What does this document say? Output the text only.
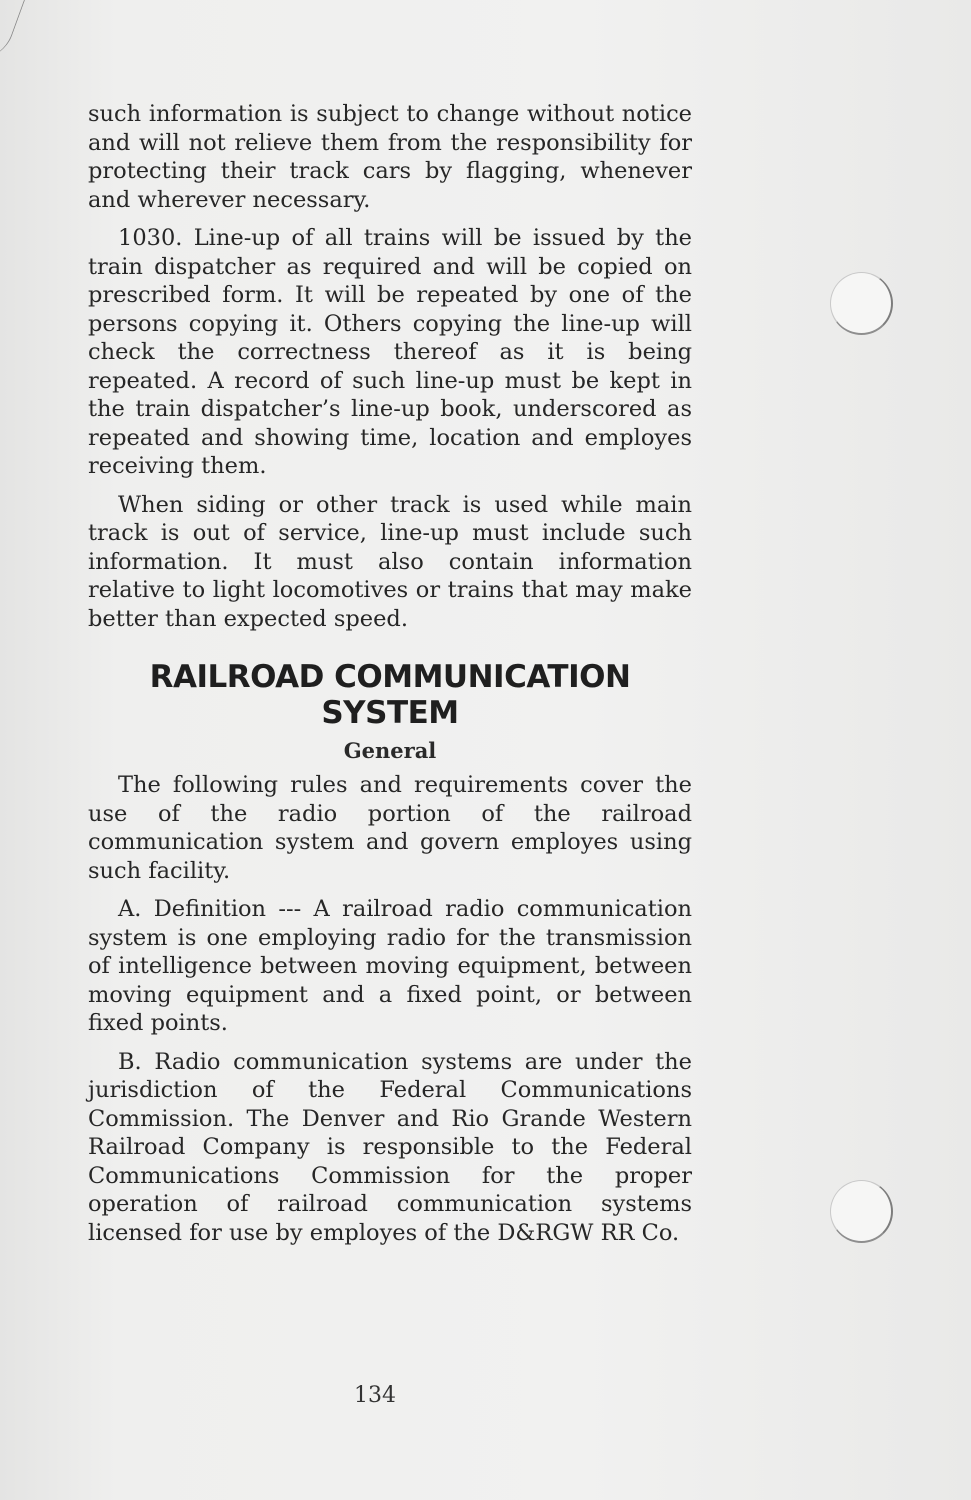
such information is subject to change without notice and will not relieve them from the responsibility for protecting their track cars by flagging, whenever and wherever necessary.

1030. Line-up of all trains will be issued by the train dispatcher as required and will be copied on prescribed form. It will be repeated by one of the persons copying it. Others copying the line-up will check the correctness thereof as it is being repeated. A record of such line-up must be kept in the train dispatcher’s line-up book, underscored as repeated and showing time, location and employes receiving them.

When siding or other track is used while main track is out of service, line-up must include such information. It must also contain information relative to light locomotives or trains that may make better than expected speed.

RAILROAD COMMUNICATION SYSTEM
General

The following rules and requirements cover the use of the radio portion of the railroad communication system and govern employes using such facility.

A. Definition --- A railroad radio communication system is one employing radio for the transmission of intelligence between moving equipment, between moving equipment and a fixed point, or between fixed points.

B. Radio communication systems are under the jurisdiction of the Federal Communications Commission. The Denver and Rio Grande Western Railroad Company is responsible to the Federal Communications Commission for the proper operation of railroad communication systems licensed for use by employes of the D&RGW RR Co.

134
